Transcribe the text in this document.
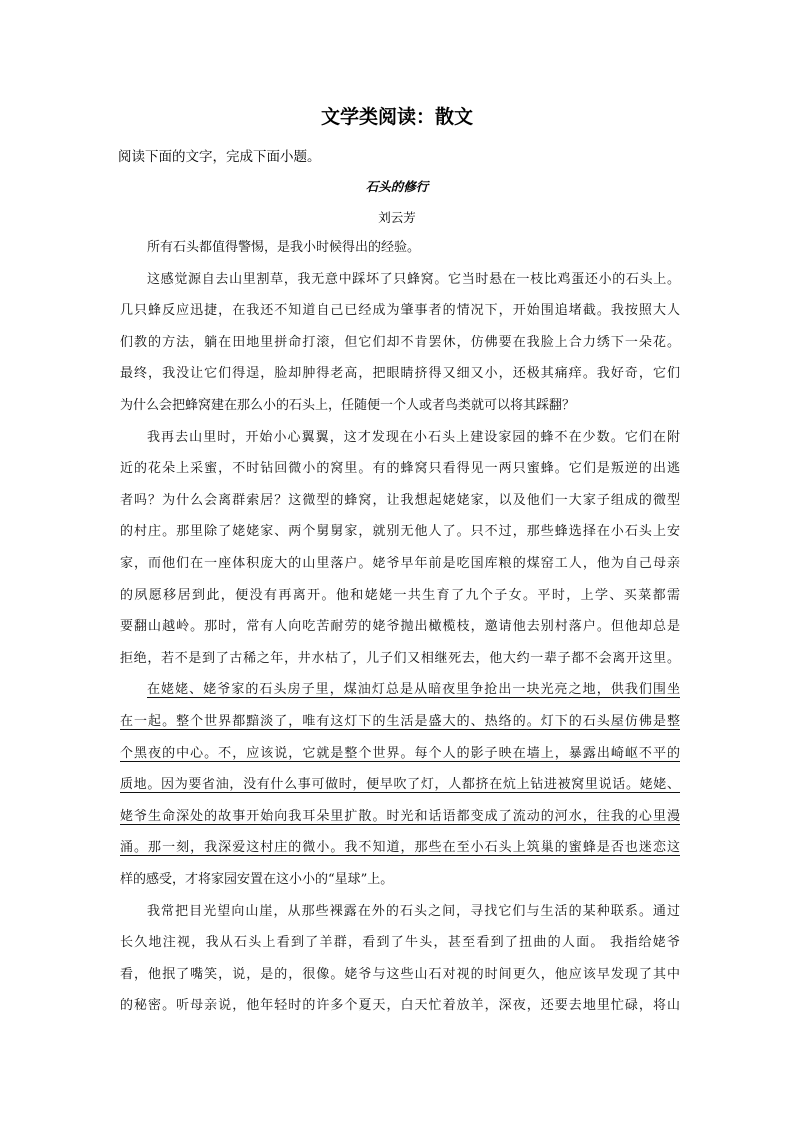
文学类阅读：散文
阅读下面的文字，完成下面小题。
石头的修行
刘云芳
所有石头都值得警惕，是我小时候得出的经验。
这感觉源自去山里割草，我无意中踩坏了只蜂窝。它当时悬在一枝比鸡蛋还小的石头上。
几只蜂反应迅捷，在我还不知道自己已经成为肇事者的情况下，开始围追堵截。我按照大人
们教的方法，躺在田地里拼命打滚，但它们却不肯罢休，仿佛要在我脸上合力绣下一朵花。
最终，我没让它们得逞，脸却肿得老高，把眼睛挤得又细又小，还极其痛痒。我好奇，它们
为什么会把蜂窝建在那么小的石头上，任随便一个人或者鸟类就可以将其踩翻？
我再去山里时，开始小心翼翼，这才发现在小石头上建设家园的蜂不在少数。它们在附
近的花朵上采蜜，不时钻回微小的窝里。有的蜂窝只看得见一两只蜜蜂。它们是叛逆的出逃
者吗？为什么会离群索居？这微型的蜂窝，让我想起姥姥家，以及他们一大家子组成的微型
的村庄。那里除了姥姥家、两个舅舅家，就别无他人了。只不过，那些蜂选择在小石头上安
家，而他们在一座体积庞大的山里落户。姥爷早年前是吃国库粮的煤窑工人，他为自己母亲
的夙愿移居到此，便没有再离开。他和姥姥一共生育了九个子女。平时，上学、买菜都需
要翻山越岭。那时，常有人向吃苦耐劳的姥爷抛出橄榄枝，邀请他去别村落户。但他却总是
拒绝，若不是到了古稀之年，井水枯了，儿子们又相继死去，他大约一辈子都不会离开这里。
在姥姥、姥爷家的石头房子里，煤油灯总是从暗夜里争抢出一块光亮之地，供我们围坐
在一起。整个世界都黯淡了，唯有这灯下的生活是盛大的、热络的。灯下的石头屋仿佛是整
个黑夜的中心。不，应该说，它就是整个世界。每个人的影子映在墙上，暴露出崎岖不平的
质地。因为要省油，没有什么事可做时，便早吹了灯，人都挤在炕上钻进被窝里说话。姥姥、
姥爷生命深处的故事开始向我耳朵里扩散。时光和话语都变成了流动的河水，往我的心里漫
涌。那一刻，我深爱这村庄的微小。我不知道，那些在至小石头上筑巢的蜜蜂是否也迷恋这
样的感受，才将家园安置在这小小的“星球”上。
我常把目光望向山崖，从那些裸露在外的石头之间，寻找它们与生活的某种联系。通过
长久地注视，我从石头上看到了羊群，看到了牛头，甚至看到了扭曲的人面。 我指给姥爷
看，他抿了嘴笑，说，是的，很像。姥爷与这些山石对视的时间更久，他应该早发现了其中
的秘密。听母亲说，他年轻时的许多个夏天，白天忙着放羊，深夜，还要去地里忙碌，将山
